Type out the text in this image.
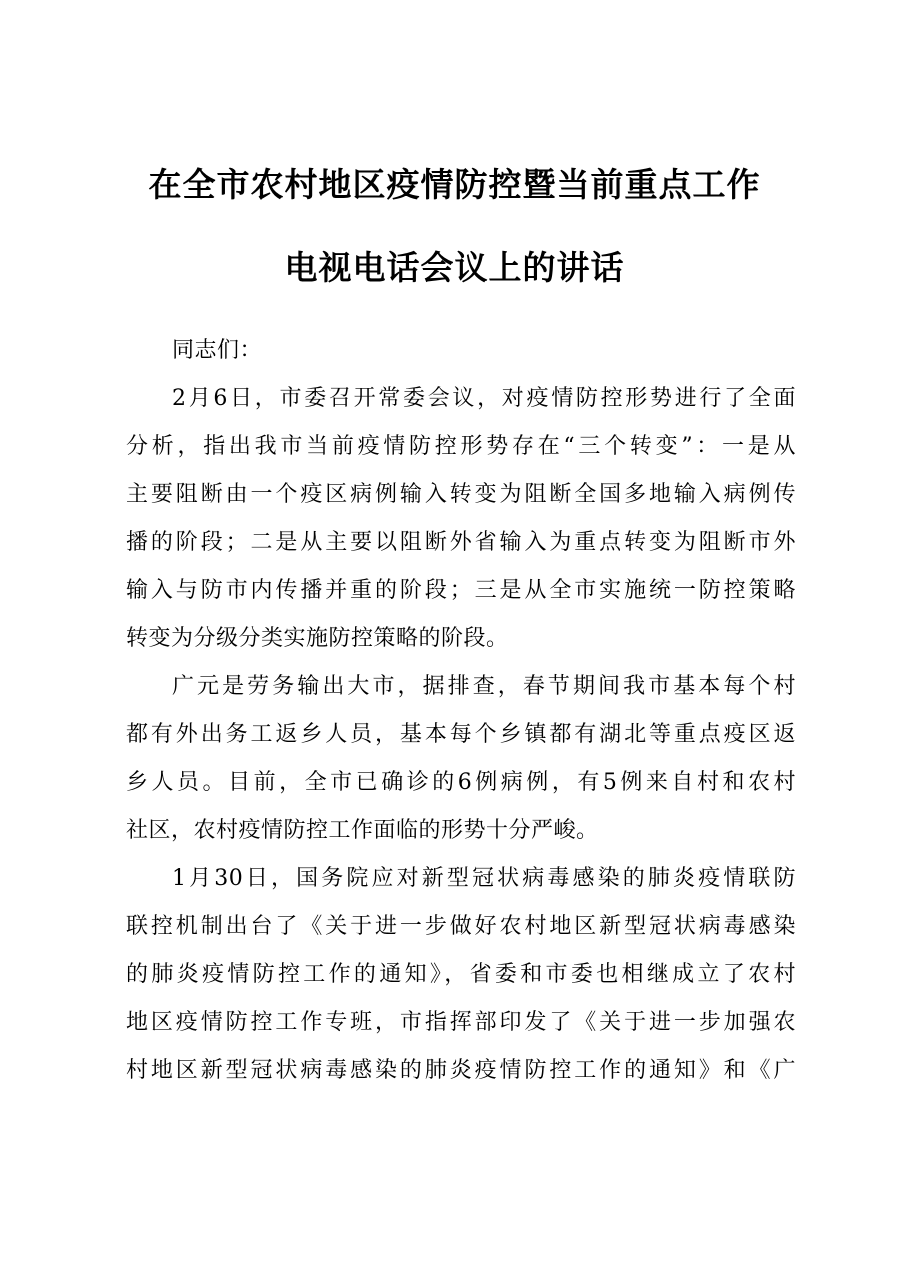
在全市农村地区疫情防控暨当前重点工作
电视电话会议上的讲话
同志们：
2月6日，市委召开常委会议，对疫情防控形势进行了全面
分析，指出我市当前疫情防控形势存在“三个转变”：一是从
主要阻断由一个疫区病例输入转变为阻断全国多地输入病例传
播的阶段；二是从主要以阻断外省输入为重点转变为阻断市外
输入与防市内传播并重的阶段；三是从全市实施统一防控策略
转变为分级分类实施防控策略的阶段。
广元是劳务输出大市，据排查，春节期间我市基本每个村
都有外出务工返乡人员，基本每个乡镇都有湖北等重点疫区返
乡人员。目前，全市已确诊的6例病例，有5例来自村和农村
社区，农村疫情防控工作面临的形势十分严峻。
1月30日，国务院应对新型冠状病毒感染的肺炎疫情联防
联控机制出台了《关于进一步做好农村地区新型冠状病毒感染
的肺炎疫情防控工作的通知》，省委和市委也相继成立了农村
地区疫情防控工作专班，市指挥部印发了《关于进一步加强农
村地区新型冠状病毒感染的肺炎疫情防控工作的通知》和《广
